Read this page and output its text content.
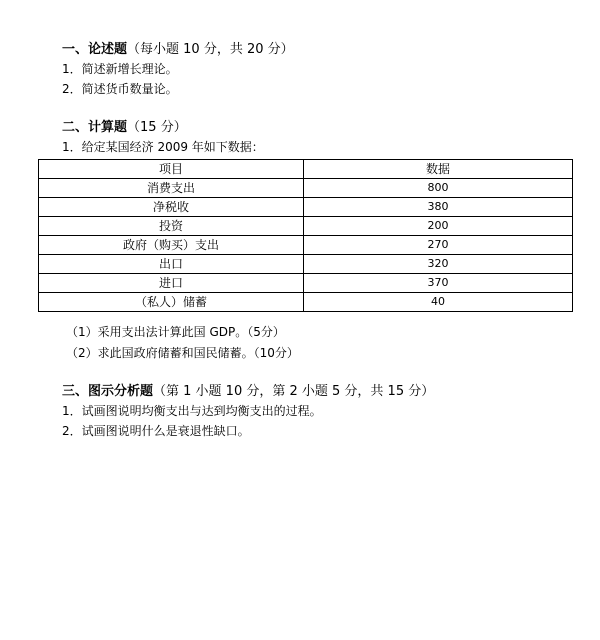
一、论述题（每小题 10 分，共 20 分）
1．简述新增长理论。
2．简述货币数量论。
二、计算题（15 分）
1．给定某国经济 2009 年如下数据：
项目	数据
消费支出	800
净税收	380
投资	200
政府（购买）支出	270
出口	320
进口	370
（私人）储蓄	40
（1）采用支出法计算此国 GDP。（5分）
（2）求此国政府储蓄和国民储蓄。（10分）
三、图示分析题（第 1 小题 10 分，第 2 小题 5 分，共 15 分）
1．试画图说明均衡支出与达到均衡支出的过程。
2．试画图说明什么是衰退性缺口。
